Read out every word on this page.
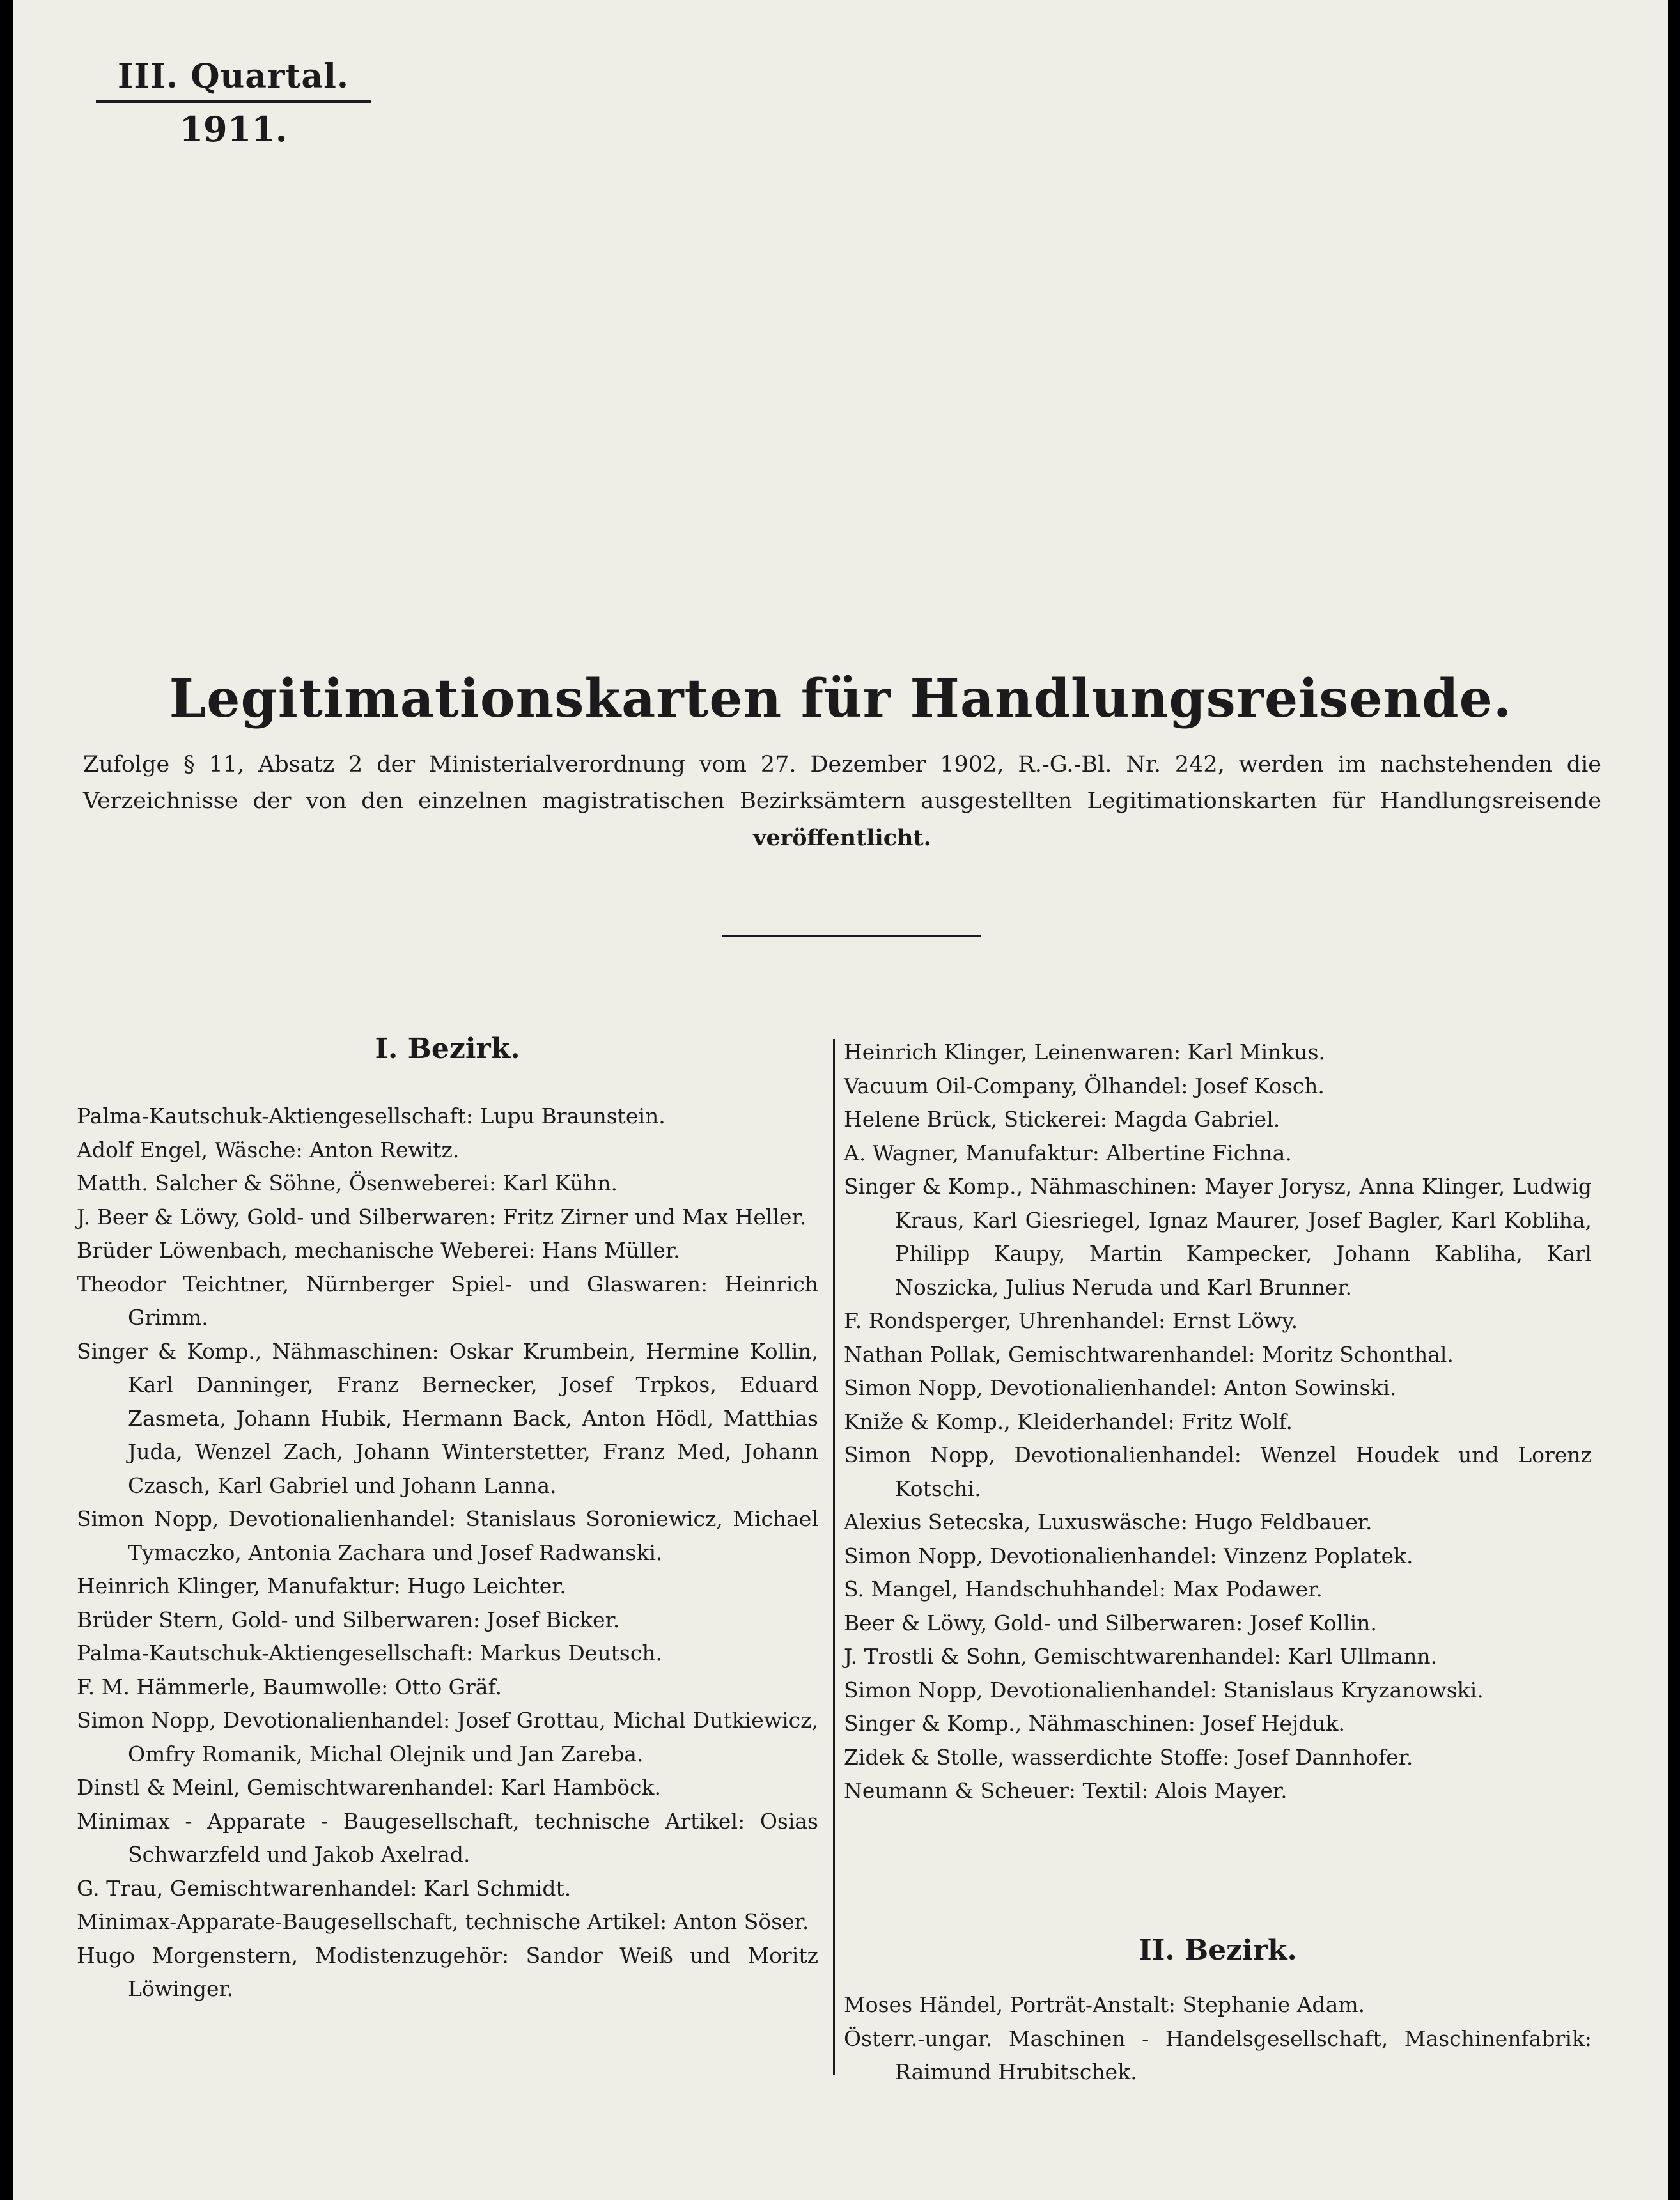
III. Quartal.
1911.
Legitimationskarten für Handlungsreisende.
Zufolge § 11, Absatz 2 der Ministerialverordnung vom 27. Dezember 1902, R.-G.-Bl. Nr. 242, werden im nachstehenden die Verzeichnisse der von den einzelnen magistratischen Bezirksämtern ausgestellten Legitimationskarten für Handlungsreisende veröffentlicht.
I. Bezirk.
Palma-Kautschuk-Aktiengesellschaft: Lupu Braunstein.
Adolf Engel, Wäsche: Anton Rewitz.
Matth. Salcher & Söhne, Ösenweberei: Karl Kühn.
J. Beer & Löwy, Gold- und Silberwaren: Fritz Zirner und Max Heller.
Brüder Löwenbach, mechanische Weberei: Hans Müller.
Theodor Teichtner, Nürnberger Spiel- und Glaswaren: Heinrich Grimm.
Singer & Komp., Nähmaschinen: Oskar Krumbein, Hermine Kollin, Karl Danninger, Franz Bernecker, Josef Trpkos, Eduard Zasmeta, Johann Hubik, Hermann Back, Anton Hödl, Matthias Juda, Wenzel Zach, Johann Winterstetter, Franz Med, Johann Czasch, Karl Gabriel und Johann Lanna.
Simon Nopp, Devotionalienhandel: Stanislaus Soroniewicz, Michael Tymaczko, Antonia Zachara und Josef Radwanski.
Heinrich Klinger, Manufaktur: Hugo Leichter.
Brüder Stern, Gold- und Silberwaren: Josef Bicker.
Palma-Kautschuk-Aktiengesellschaft: Markus Deutsch.
F. M. Hämmerle, Baumwolle: Otto Gräf.
Simon Nopp, Devotionalienhandel: Josef Grottau, Michal Dutkiewicz, Omfry Romanik, Michal Olejnik und Jan Zareba.
Dinstl & Meinl, Gemischtwarenhandel: Karl Hamböck.
Minimax - Apparate - Baugesellschaft, technische Artikel: Osias Schwarzfeld und Jakob Axelrad.
G. Trau, Gemischtwarenhandel: Karl Schmidt.
Minimax-Apparate-Baugesellschaft, technische Artikel: Anton Söser.
Hugo Morgenstern, Modistenzugehör: Sandor Weiß und Moritz Löwinger.
Heinrich Klinger, Leinenwaren: Karl Minkus.
Vacuum Oil-Company, Ölhandel: Josef Kosch.
Helene Brück, Stickerei: Magda Gabriel.
A. Wagner, Manufaktur: Albertine Fichna.
Singer & Komp., Nähmaschinen: Mayer Jorysz, Anna Klinger, Ludwig Kraus, Karl Giesriegel, Ignaz Maurer, Josef Bagler, Karl Kobliha, Philipp Kaupy, Martin Kampecker, Johann Kabliha, Karl Noszicka, Julius Neruda und Karl Brunner.
F. Rondsperger, Uhrenhandel: Ernst Löwy.
Nathan Pollak, Gemischtwarenhandel: Moritz Schonthal.
Simon Nopp, Devotionalienhandel: Anton Sowinski.
Kniže & Komp., Kleiderhandel: Fritz Wolf.
Simon Nopp, Devotionalienhandel: Wenzel Houdek und Lorenz Kotschi.
Alexius Setecska, Luxuswäsche: Hugo Feldbauer.
Simon Nopp, Devotionalienhandel: Vinzenz Poplatek.
S. Mangel, Handschuhhandel: Max Podawer.
Beer & Löwy, Gold- und Silberwaren: Josef Kollin.
J. Trostli & Sohn, Gemischtwarenhandel: Karl Ullmann.
Simon Nopp, Devotionalienhandel: Stanislaus Kryzanowski.
Singer & Komp., Nähmaschinen: Josef Hejduk.
Zidek & Stolle, wasserdichte Stoffe: Josef Dannhofer.
Neumann & Scheuer: Textil: Alois Mayer.
II. Bezirk.
Moses Händel, Porträt-Anstalt: Stephanie Adam.
Österr.-ungar. Maschinen - Handelsgesellschaft, Maschinenfabrik: Raimund Hrubitschek.
